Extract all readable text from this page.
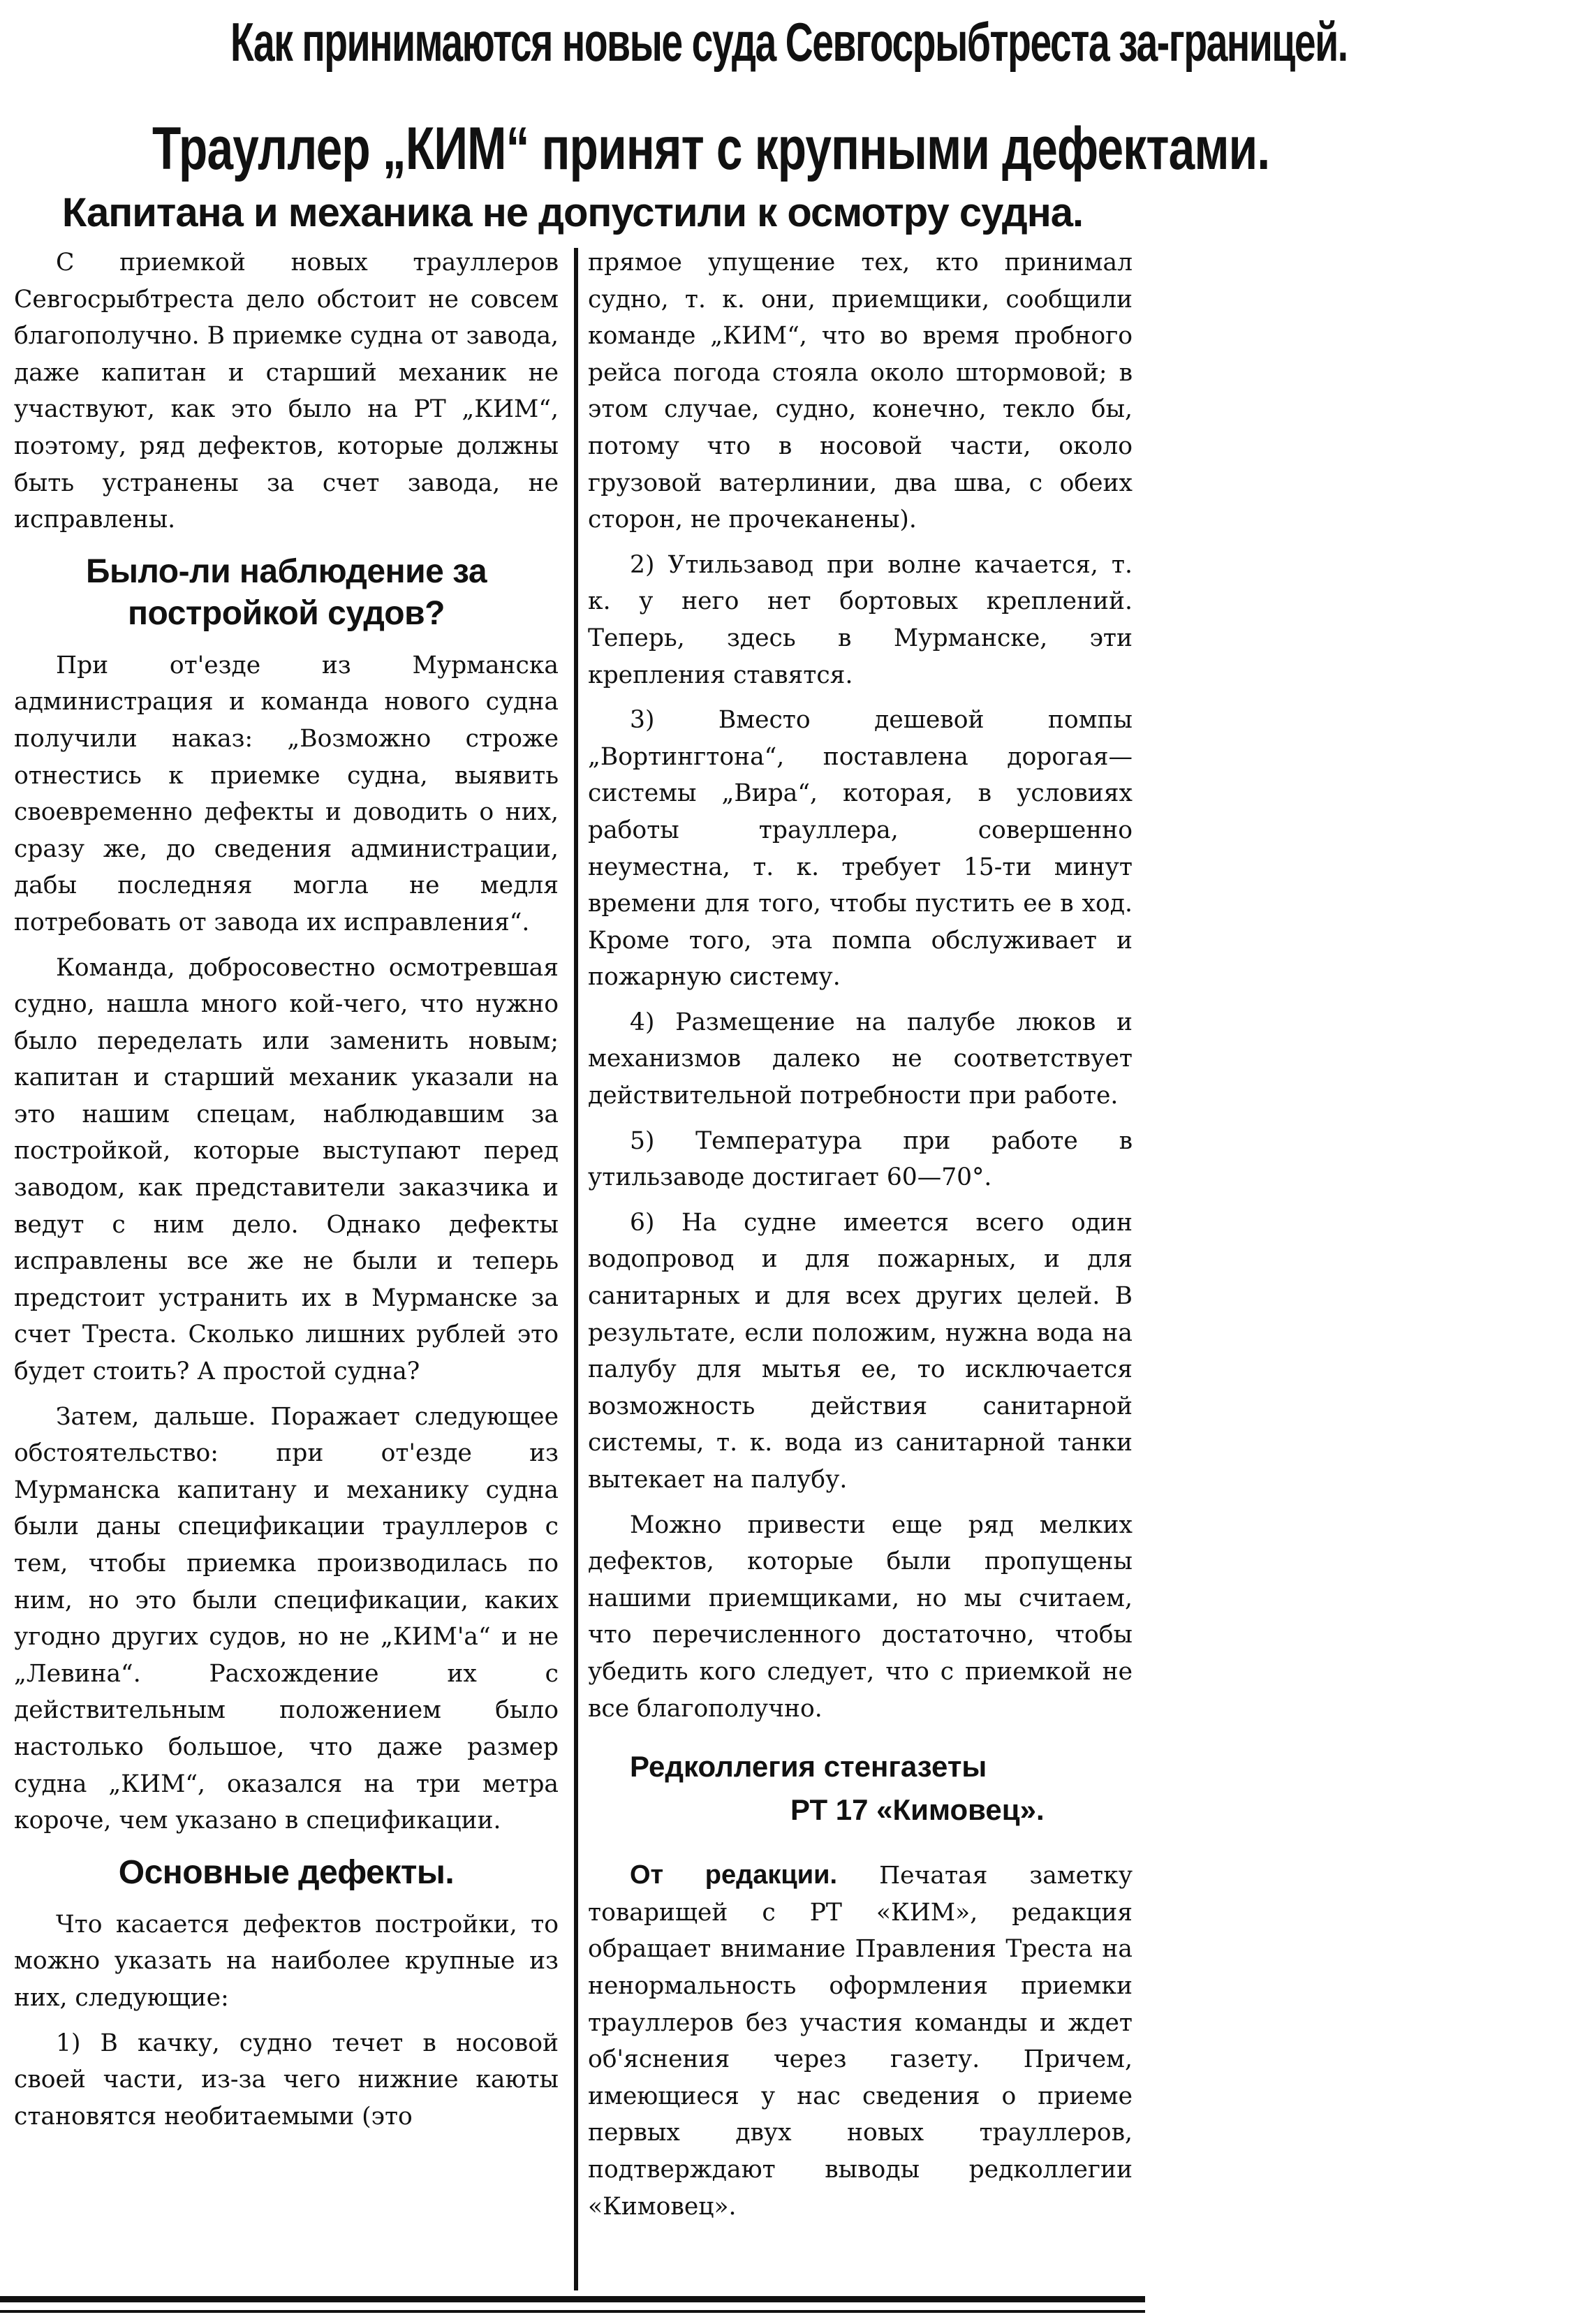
Как принимаются новые суда Севгосрыбтреста за-границей.
Трауллер „КИМ“ принят с крупными дефектами.
Капитана и механика не допустили к осмотру судна.

С приемкой новых трауллеров Севгосрыбтреста дело обстоит не совсем благополучно. В приемке судна от завода, даже капитан и старший механик не участвуют, как это было на РТ „КИМ“, поэтому, ряд дефектов, которые должны быть устранены за счет завода, не исправлены.

Было-ли наблюдение за постройкой судов?

При от'езде из Мурманска администрация и команда нового судна получили наказ: „Возможно строже отнестись к приемке судна, выявить своевременно дефекты и доводить о них, сразу же, до сведения администрации, дабы последняя могла не медля потребовать от завода их исправления“.

Команда, добросовестно осмотревшая судно, нашла много кой-чего, что нужно было переделать или заменить новым; капитан и старший механик указали на это нашим спецам, наблюдавшим за постройкой, которые выступают перед заводом, как представители заказчика и ведут с ним дело. Однако дефекты исправлены все же не были и теперь предстоит устранить их в Мурманске за счет Треста. Сколько лишних рублей это будет стоить? А простой судна?

Затем, дальше. Поражает следующее обстоятельство: при от'езде из Мурманска капитану и механику судна были даны спецификации трауллеров с тем, чтобы приемка производилась по ним, но это были спецификации, каких угодно других судов, но не „КИМ'а“ и не „Левина“. Расхождение их с действительным положением было настолько большое, что даже размер судна „КИМ“, оказался на три метра короче, чем указано в спецификации.

Основные дефекты.

Что касается дефектов постройки, то можно указать на наиболее крупные из них, следующие:

1) В качку, судно течет в носовой своей части, из-за чего нижние каюты становятся необитаемыми (это

прямое упущение тех, кто принимал судно, т. к. они, приемщики, сообщили команде „КИМ“, что во время пробного рейса погода стояла около штормовой; в этом случае, судно, конечно, текло бы, потому что в носовой части, около грузовой ватерлинии, два шва, с обеих сторон, не прочеканены).

2) Утильзавод при волне качается, т. к. у него нет бортовых креплений. Теперь, здесь в Мурманске, эти крепления ставятся.

3) Вместо дешевой помпы „Вортингтона“, поставлена дорогая—системы „Вира“, которая, в условиях работы трауллера, совершенно неуместна, т. к. требует 15-ти минут времени для того, чтобы пустить ее в ход. Кроме того, эта помпа обслуживает и пожарную систему.

4) Размещение на палубе люков и механизмов далеко не соответствует действительной потребности при работе.

5) Температура при работе в утильзаводе достигает 60—70°.

6) На судне имеется всего один водопровод и для пожарных, и для санитарных и для всех других целей. В результате, если положим, нужна вода на палубу для мытья ее, то исключается возможность действия санитарной системы, т. к. вода из санитарной танки вытекает на палубу.

Можно привести еще ряд мелких дефектов, которые были пропущены нашими приемщиками, но мы считаем, что перечисленного достаточно, чтобы убедить кого следует, что с приемкой не все благополучно.

Редколлегия стенгазеты
РТ 17 «Кимовец».

От редакции. Печатая заметку товарищей с РТ «КИМ», редакция обращает внимание Правления Треста на ненормальность оформления приемки трауллеров без участия команды и ждет об'яснения через газету. Причем, имеющиеся у нас сведения о приеме первых двух новых трауллеров, подтверждают выводы редколлегии «Кимовец».
